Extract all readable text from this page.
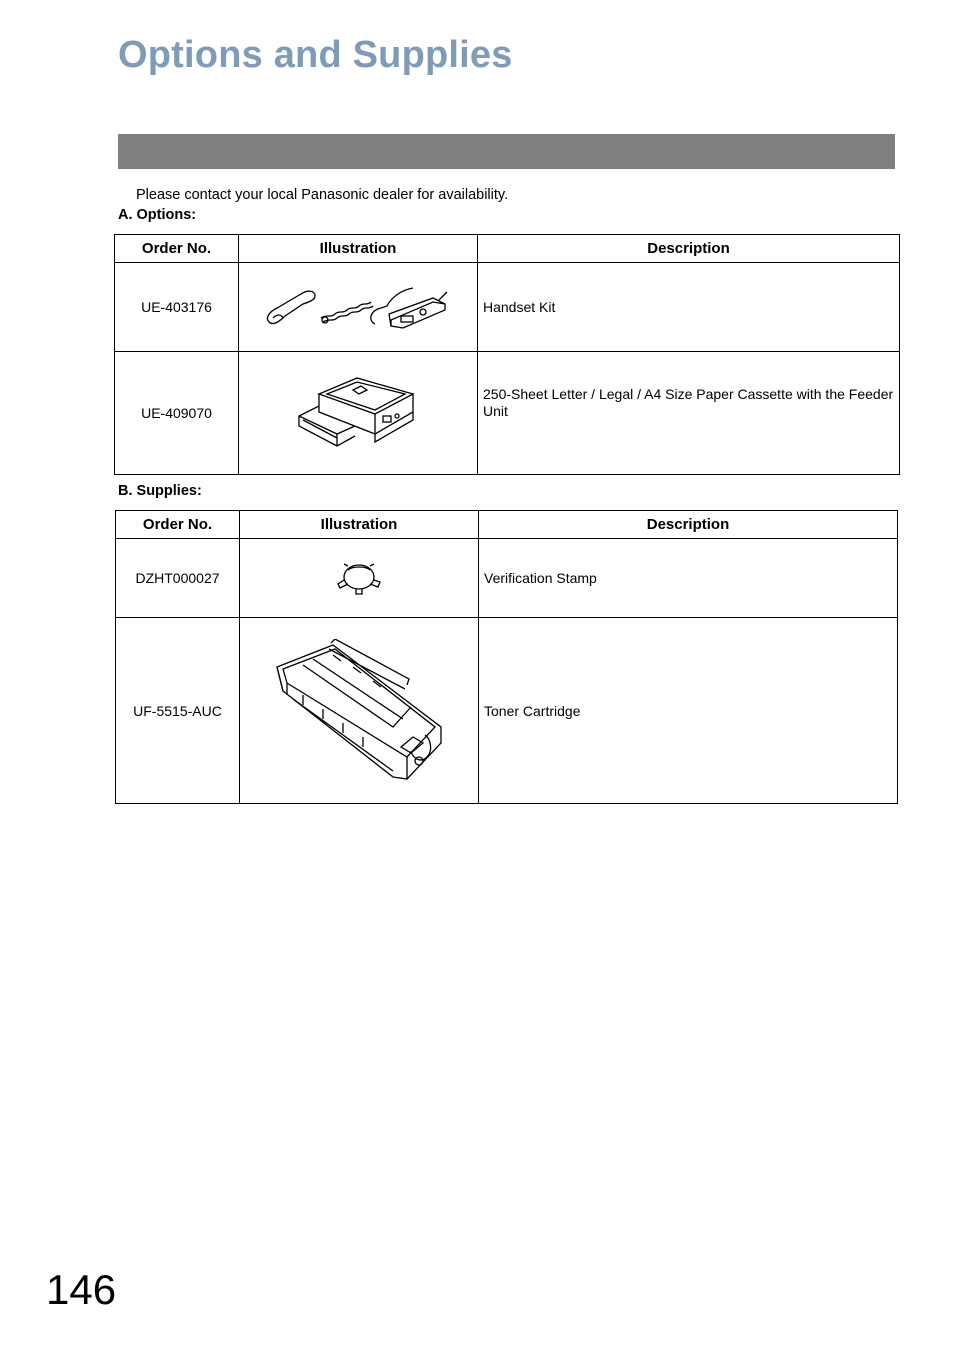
Options and Supplies
Please contact your local Panasonic dealer for availability.
A. Options:
Order No.	Illustration	Description
UE-403176		Handset Kit
UE-409070		250-Sheet Letter / Legal / A4 Size Paper Cassette with the Feeder Unit
B. Supplies:
Order No.	Illustration	Description
DZHT000027		Verification Stamp
UF-5515-AUC		Toner Cartridge
146
